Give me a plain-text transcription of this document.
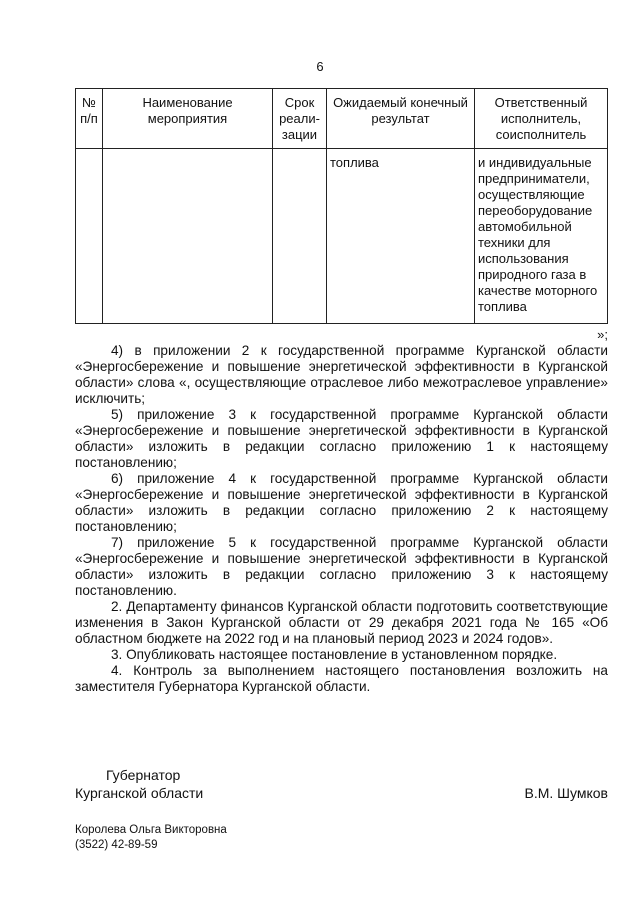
6
№ п/п	Наименование мероприятия	Срок реали-зации	Ожидаемый конечный результат	Ответственный исполнитель, соисполнитель
			топлива	и индивидуальные предприниматели, осуществляющие переоборудование автомобильной техники для использования природного газа в качестве моторного топлива
»;

4) в приложении 2 к государственной программе Курганской области «Энергосбережение и повышение энергетической эффективности в Курганской области» слова «, осуществляющие отраслевое либо межотраслевое управление» исключить;

5) приложение 3 к государственной программе Курганской области «Энергосбережение и повышение энергетической эффективности в Курганской области» изложить в редакции согласно приложению 1 к настоящему постановлению;

6) приложение 4 к государственной программе Курганской области «Энергосбережение и повышение энергетической эффективности в Курганской области» изложить в редакции согласно приложению 2 к настоящему постановлению;

7) приложение 5 к государственной программе Курганской области «Энергосбережение и повышение энергетической эффективности в Курганской области» изложить в редакции согласно приложению 3 к настоящему постановлению.

2. Департаменту финансов Курганской области подготовить соответствующие изменения в Закон Курганской области от 29 декабря 2021 года № 165 «Об областном бюджете на 2022 год и на плановый период 2023 и 2024 годов».

3. Опубликовать настоящее постановление в установленном порядке.

4. Контроль за выполнением настоящего постановления возложить на заместителя Губернатора Курганской области.

Губернатор
Курганской области	В.М. Шумков
Королева Ольга Викторовна
(3522) 42-89-59
